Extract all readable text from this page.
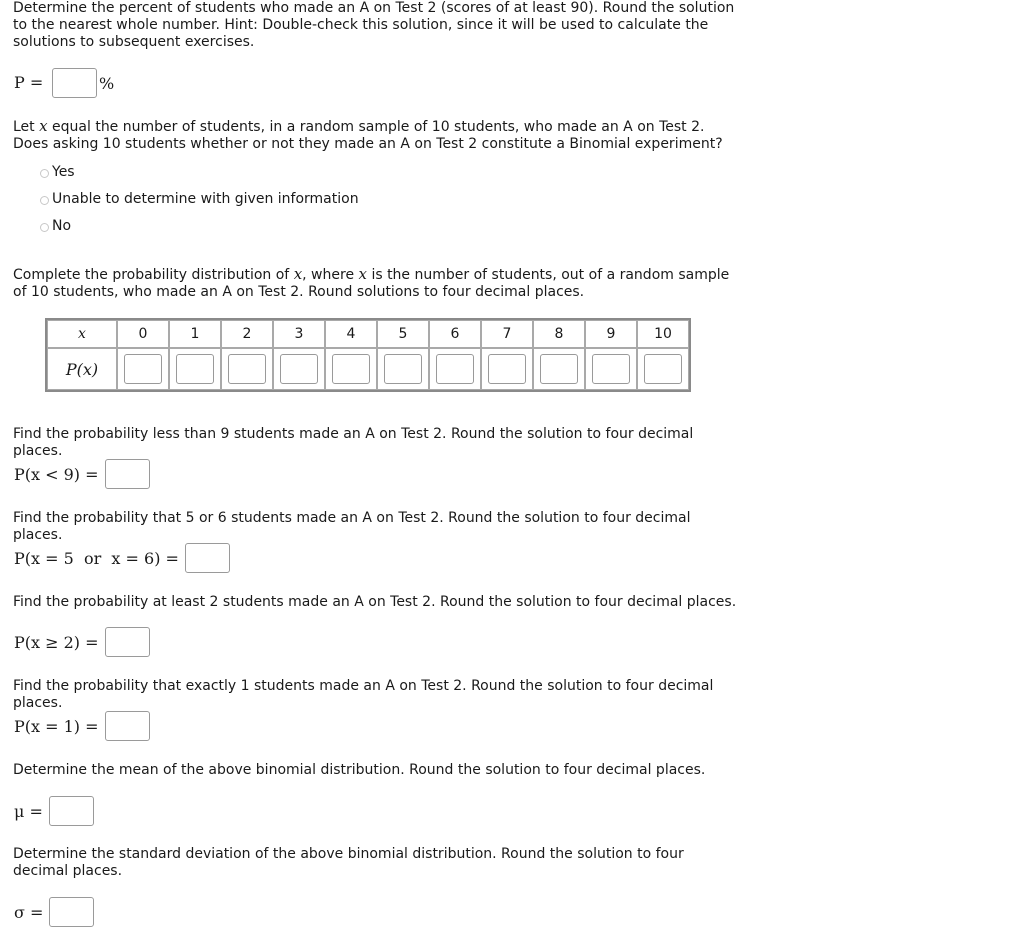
Determine the percent of students who made an A on Test 2 (scores of at least 90). Round the solution to the nearest whole number. Hint: Double-check this solution, since it will be used to calculate the solutions to subsequent exercises.
P =	%
Let x equal the number of students, in a random sample of 10 students, who made an A on Test 2. Does asking 10 students whether or not they made an A on Test 2 constitute a Binomial experiment?
Yes
Unable to determine with given information
No
Complete the probability distribution of x, where x is the number of students, out of a random sample of 10 students, who made an A on Test 2. Round solutions to four decimal places.
x	0	1	2	3	4	5	6	7	8	9	10
P(x)	

Find the probability less than 9 students made an A on Test 2. Round the solution to four decimal places.
P(x < 9) =
Find the probability that 5 or 6 students made an A on Test 2. Round the solution to four decimal places.
P(x = 5  or  x = 6) =
Find the probability at least 2 students made an A on Test 2. Round the solution to four decimal places.
P(x ≥ 2) =
Find the probability that exactly 1 students made an A on Test 2. Round the solution to four decimal places.
P(x = 1) =
Determine the mean of the above binomial distribution. Round the solution to four decimal places.
μ =
Determine the standard deviation of the above binomial distribution. Round the solution to four decimal places.
σ =
